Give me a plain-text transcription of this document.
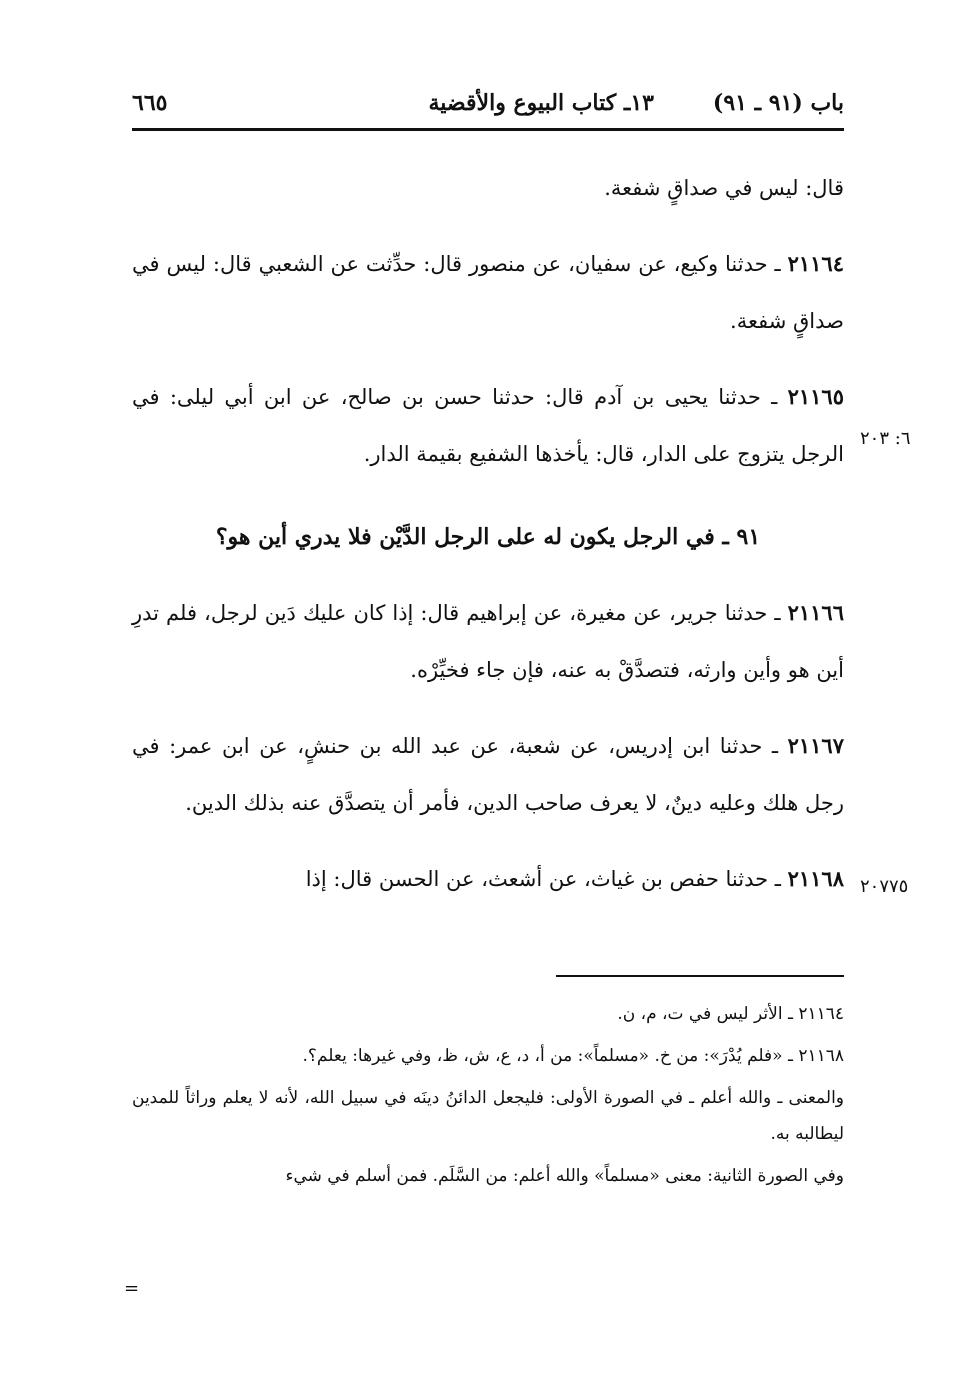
باب (٩١ ـ ٩١)
١٣ـ كتاب البيوع والأقضية
٦٦٥

قال: ليس في صداقٍ شفعة.

٢١١٦٤ ـ حدثنا وكيع، عن سفيان، عن منصور قال: حدِّثت عن الشعبي قال: ليس في صداقٍ شفعة.

٢١١٦٥ ـ حدثنا يحيى بن آدم قال: حدثنا حسن بن صالح، عن ابن أبي ليلى: في الرجل يتزوج على الدار، قال: يأخذها الشفيع بقيمة الدار.

٩١ ـ في الرجل يكون له على الرجل الدَّيْن فلا يدري أين هو؟

٢١١٦٦ ـ حدثنا جرير، عن مغيرة، عن إبراهيم قال: إذا كان عليك دَين لرجل، فلم تدرِ أين هو وأين وارثه، فتصدَّقْ به عنه، فإن جاء فخيِّرْه.

٢١١٦٧ ـ حدثنا ابن إدريس، عن شعبة، عن عبد الله بن حنشٍ، عن ابن عمر: في رجل هلك وعليه دينٌ، لا يعرف صاحب الدين، فأمر أن يتصدَّق عنه بذلك الدين.

٢١١٦٨ ـ حدثنا حفص بن غياث، عن أشعث، عن الحسن قال: إذا

٦: ٢٠٣
٢٠٧٧٥

٢١١٦٤ ـ الأثر ليس في ت، م، ن.

٢١١٦٨ ـ «فلم يُدْرَ»: من خ. «مسلماً»: من أ، د، ع، ش، ظ، وفي غيرها: يعلم؟.

والمعنى ـ والله أعلم ـ في الصورة الأولى: فليجعل الدائنُ دينَه في سبيل الله، لأنه لا يعلم وراثاً للمدين ليطالبه به.

وفي الصورة الثانية: معنى «مسلماً» والله أعلم: من السَّلَم. فمن أسلم في شيء

=
